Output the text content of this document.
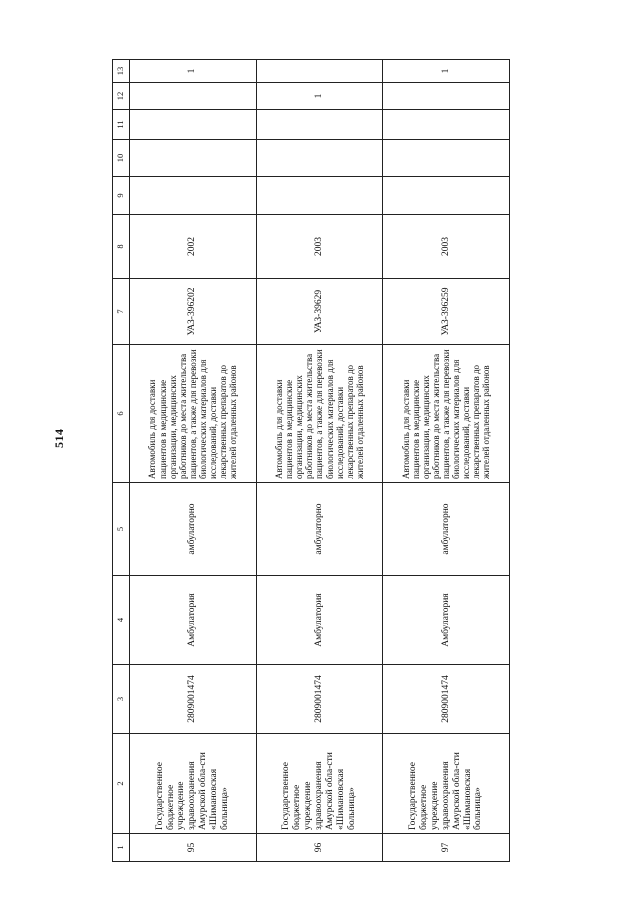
514
1	2	3	4	5	6	7	8	9	10	11	12	13
95	Государственное бюджетное учреждение здравоохранения Амурской обла-сти «Шимановская больница»	2809001474	Амбулатория	амбулаторно	Автомобиль для доставки пациентов в медицинские организации, медицинских работников до места жительства пациентов, а также для перевозки биологических материалов для исследований, доставки лекарственных препаратов до жителей отдаленных районов	УАЗ-396202	2002					1
96	Государственное бюджетное учреждение здравоохранения Амурской обла-сти «Шимановская больница»	2809001474	Амбулатория	амбулаторно	Автомобиль для доставки пациентов в медицинские организации, медицинских работников до места жительства пациентов, а также для перевозки биологических материалов для исследований, доставки лекарственных препаратов до жителей отдаленных районов	УАЗ-39629	2003				1	
97	Государственное бюджетное учреждение здравоохранения Амурской обла-сти «Шимановская больница»	2809001474	Амбулатория	амбулаторно	Автомобиль для доставки пациентов в медицинские организации, медицинских работников до места жительства пациентов, а также для перевозки биологических материалов для исследований, доставки лекарственных препаратов до жителей отдаленных районов	УАЗ-396259	2003					1
